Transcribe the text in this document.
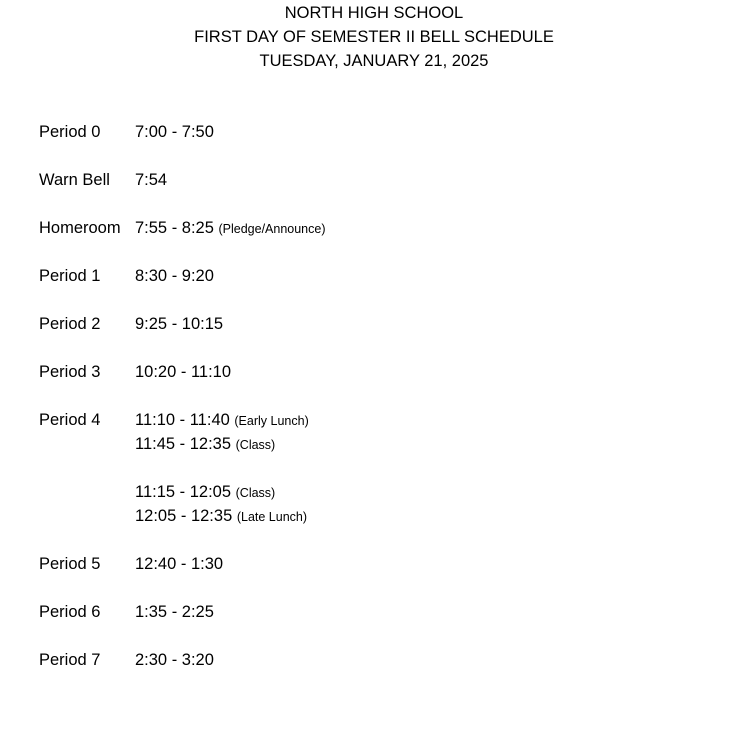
NORTH HIGH SCHOOL
FIRST DAY OF SEMESTER II BELL SCHEDULE
TUESDAY, JANUARY 21, 2025
Period 0 7:00 - 7:50
Warn Bell 7:54
Homeroom 7:55 - 8:25 (Pledge/Announce)
Period 1 8:30 - 9:20
Period 2 9:25 - 10:15
Period 3 10:20 - 11:10
Period 4 11:10 - 11:40 (Early Lunch)
11:45 - 12:35 (Class)
11:15 - 12:05 (Class)
12:05 - 12:35 (Late Lunch)
Period 5 12:40 - 1:30
Period 6 1:35 - 2:25
Period 7 2:30 - 3:20
